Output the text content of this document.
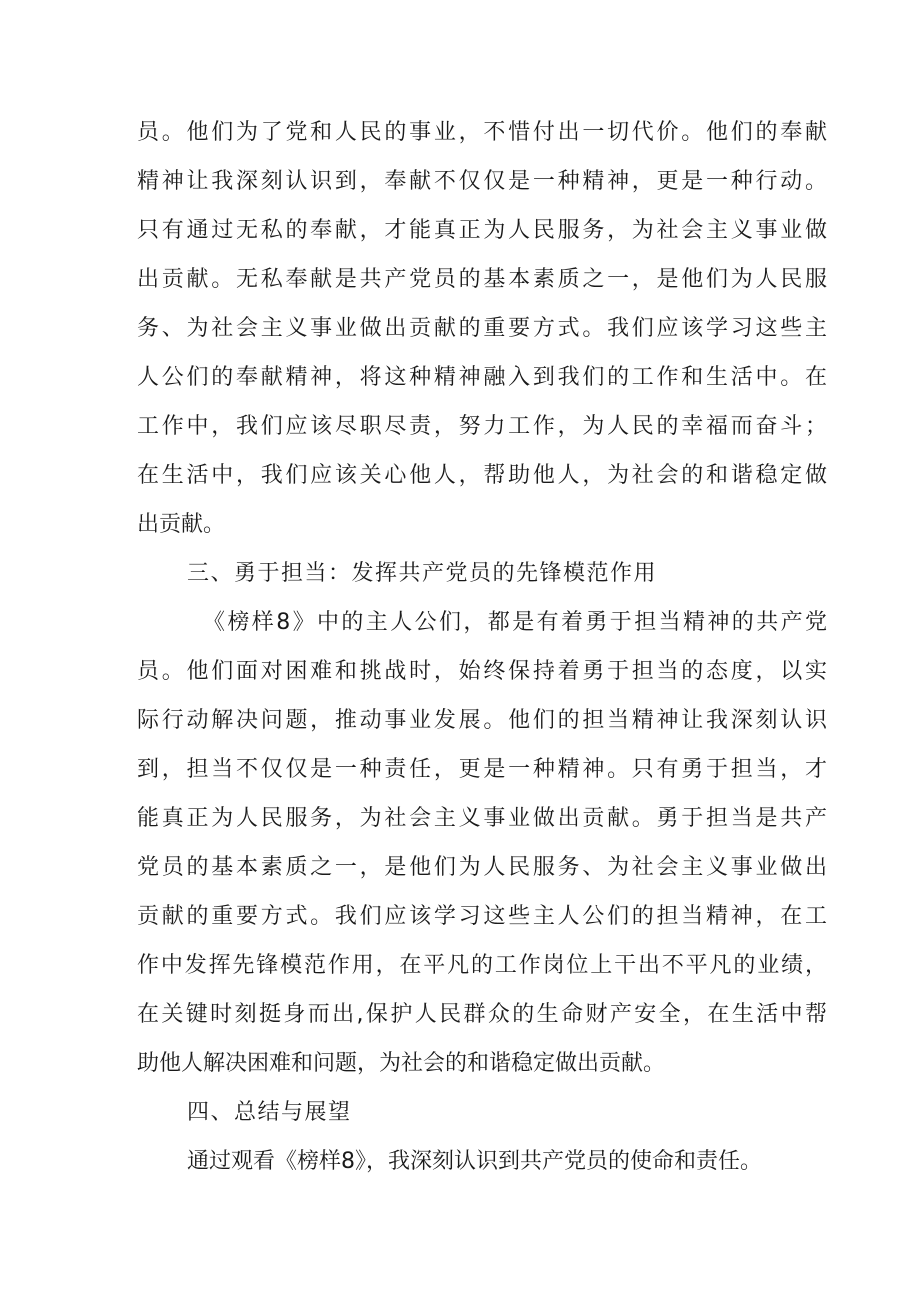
员。他们为了党和人民的事业，不惜付出一切代价。他们的奉献
精神让我深刻认识到，奉献不仅仅是一种精神，更是一种行动。
只有通过无私的奉献，才能真正为人民服务，为社会主义事业做
出贡献。无私奉献是共产党员的基本素质之一，是他们为人民服
务、为社会主义事业做出贡献的重要方式。我们应该学习这些主
人公们的奉献精神，将这种精神融入到我们的工作和生活中。在
工作中，我们应该尽职尽责，努力工作，为人民的幸福而奋斗；
在生活中，我们应该关心他人，帮助他人，为社会的和谐稳定做
出贡献。
三、勇于担当：发挥共产党员的先锋模范作用
《榜样8》中的主人公们，都是有着勇于担当精神的共产党
员。他们面对困难和挑战时，始终保持着勇于担当的态度，以实
际行动解决问题，推动事业发展。他们的担当精神让我深刻认识
到，担当不仅仅是一种责任，更是一种精神。只有勇于担当，才
能真正为人民服务，为社会主义事业做出贡献。勇于担当是共产
党员的基本素质之一，是他们为人民服务、为社会主义事业做出
贡献的重要方式。我们应该学习这些主人公们的担当精神，在工
作中发挥先锋模范作用，在平凡的工作岗位上干出不平凡的业绩，
在关键时刻挺身而出,保护人民群众的生命财产安全，在生活中帮
助他人解决困难和问题，为社会的和谐稳定做出贡献。
四、总结与展望
通过观看《榜样8》，我深刻认识到共产党员的使命和责任。
